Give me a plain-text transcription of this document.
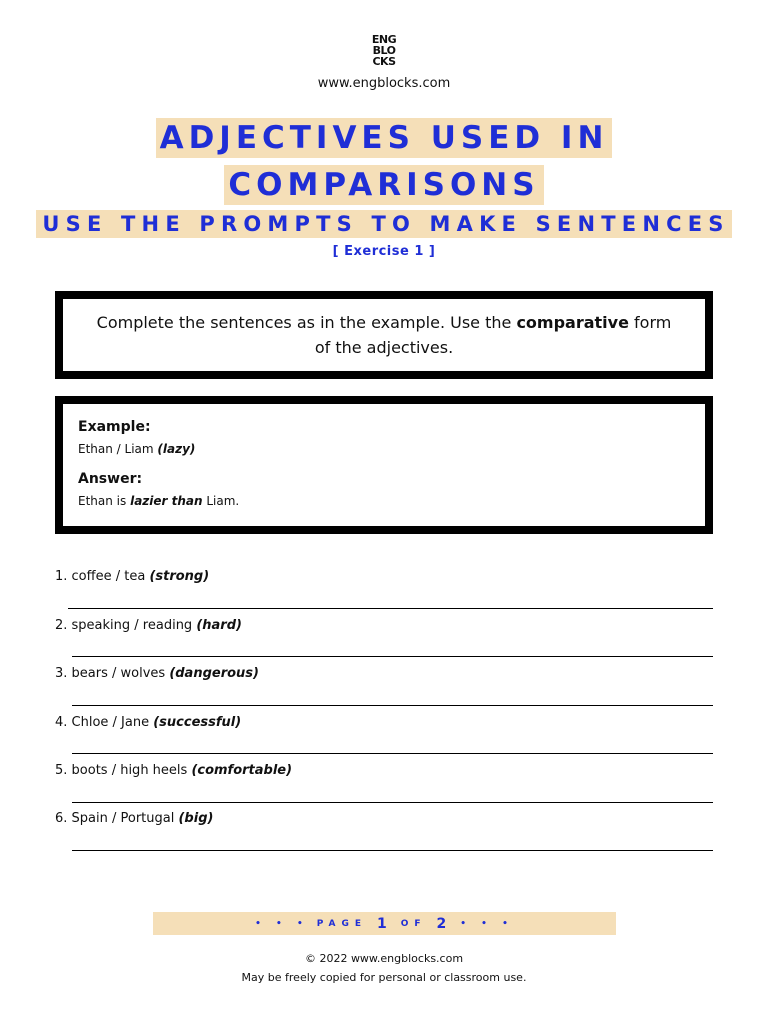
ENG
BLO
CKS
www.engblocks.com
ADJECTIVES USED IN
COMPARISONS
USE THE PROMPTS TO MAKE SENTENCES
[ Exercise 1 ]
Complete the sentences as in the example. Use the comparative form of the adjectives.

Example:

Ethan / Liam (lazy)

Answer:

Ethan is lazier than Liam.

1. coffee / tea (strong)
2. speaking / reading (hard)
3. bears / wolves (dangerous)
4. Chloe / Jane (successful)
5. boots / high heels (comfortable)
6. Spain / Portugal (big)
• • • PAGE 1 OF 2 • • •
© 2022 www.engblocks.com
May be freely copied for personal or classroom use.
